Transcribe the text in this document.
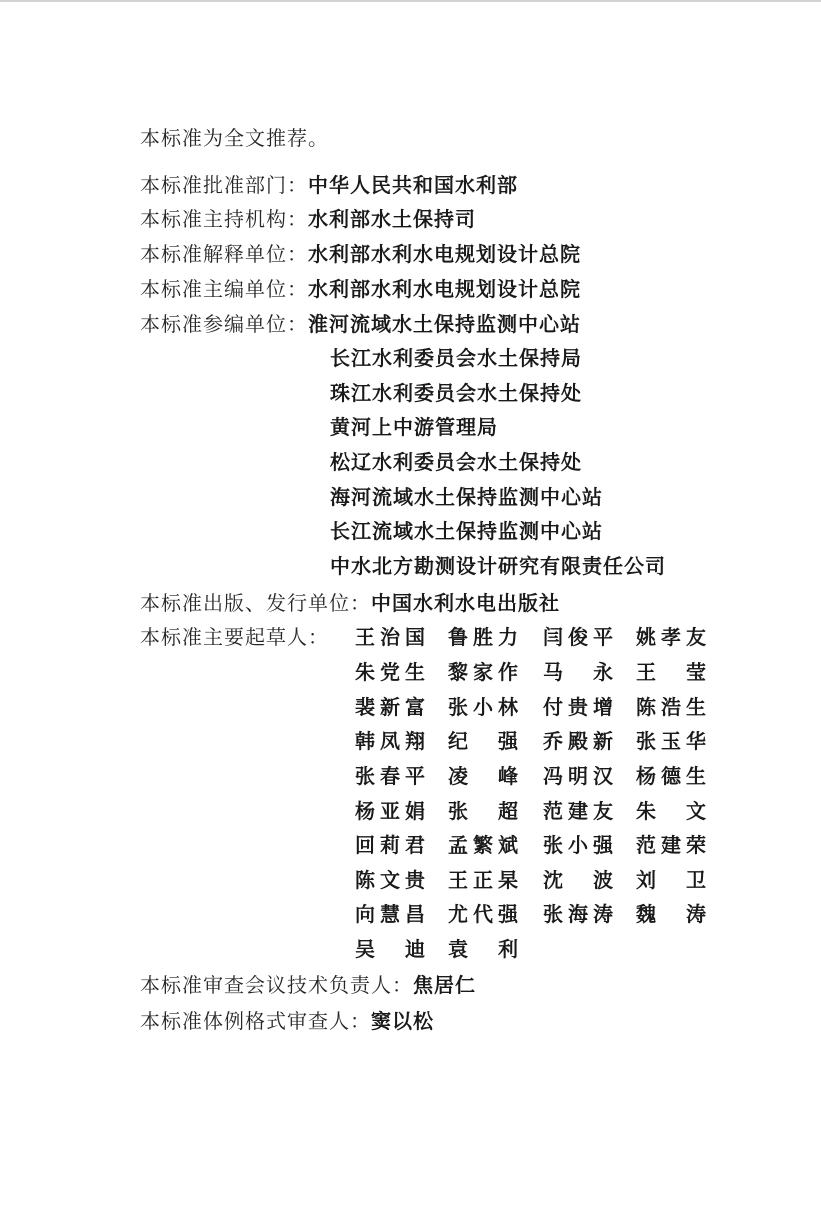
本标准为全文推荐。
本标准批准部门：中华人民共和国水利部
本标准主持机构：水利部水土保持司
本标准解释单位：水利部水利水电规划设计总院
本标准主编单位：水利部水利水电规划设计总院
本标准参编单位：淮河流域水土保持监测中心站
长江水利委员会水土保持局
珠江水利委员会水土保持处
黄河上中游管理局
松辽水利委员会水土保持处
海河流域水土保持监测中心站
长江流域水土保持监测中心站
中水北方勘测设计研究有限责任公司
本标准出版、发行单位：中国水利水电出版社
本标准主要起草人： 王 治 国 鲁 胜 力 闫 俊 平 姚 孝 友
朱 党 生 黎 家 作 马 永 王 莹
裴 新 富 张 小 林 付 贵 增 陈 浩 生
韩 凤 翔 纪 强 乔 殿 新 张 玉 华
张 春 平 凌 峰 冯 明 汉 杨 德 生
杨 亚 娟 张 超 范 建 友 朱 文
回 莉 君 孟 繁 斌 张 小 强 范 建 荣
陈 文 贵 王 正 杲 沈 波 刘 卫
向 慧 昌 尤 代 强 张 海 涛 魏 涛
吴 迪 袁 利
本标准审查会议技术负责人：焦居仁
本标准体例格式审查人：窦以松
